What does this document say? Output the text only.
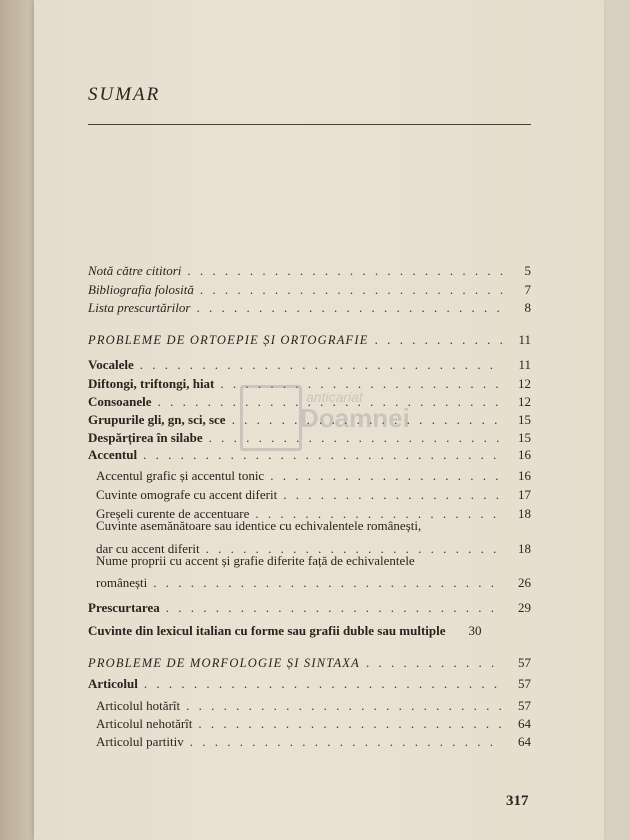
SUMAR
Notă către cititori . . .	5
Bibliografia folosită . . .	7
Lista prescurtărilor . . .	8
PROBLEME DE ORTOEPIE ȘI ORTOGRAFIE . . .	11
Vocalele . . .	11
Diftongi, triftongi, hiat . . .	12
Consoanele . . .	12
Grupurile gli, gn, sci, sce . . .	15
Despărțirea în silabe . . .	15
Accentul . . .	16
Accentul grafic și accentul tonic . . .	16
Cuvinte omografe cu accent diferit . . .	17
Greșeli curente de accentuare . . .	18
Cuvinte asemănătoare sau identice cu echivalentele românești,
dar cu accent diferit . . .	18
Nume proprii cu accent și grafie diferite față de echivalentele
românești . . .	26
Prescurtarea . . .	29
Cuvinte din lexicul italian cu forme sau grafii duble sau multiple	30
PROBLEME DE MORFOLOGIE ȘI SINTAXA . . .	57
Articolul . . .	57
Articolul hotărît . . .	57
Articolul nehotărît . . .	64
Articolul partitiv . . .	64
317
anticariat
Doamnei
